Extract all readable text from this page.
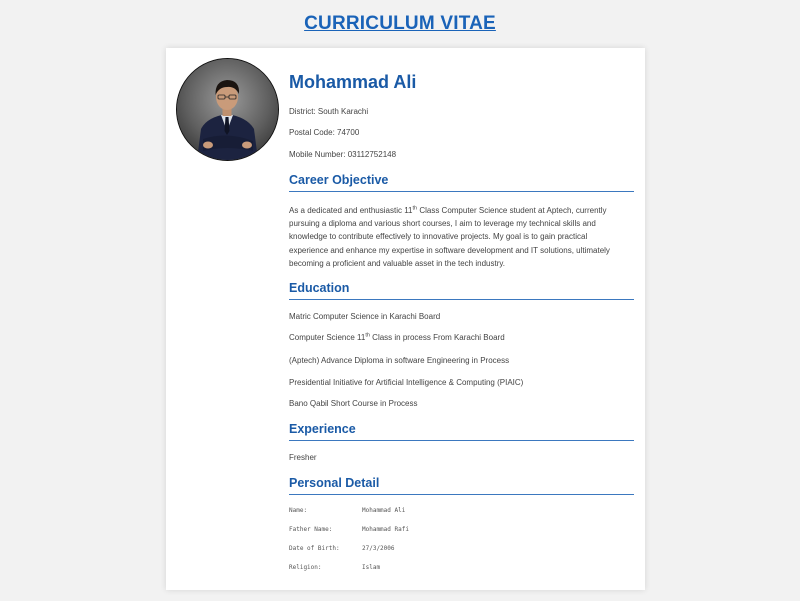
CURRICULUM VITAE
Mohammad Ali
District: South Karachi
Postal Code: 74700
Mobile Number: 03112752148
Career Objective

As a dedicated and enthusiastic 11th Class Computer Science student at Aptech, currently pursuing a diploma and various short courses, I aim to leverage my technical skills and knowledge to contribute effectively to innovative projects. My goal is to gain practical experience and enhance my expertise in software development and IT solutions, ultimately becoming a proficient and valuable asset in the tech industry.

Education
Matric Computer Science in Karachi Board
Computer Science 11th Class in process From Karachi Board
(Aptech) Advance Diploma in software Engineering in Process
Presidential Initiative for Artificial Intelligence & Computing (PIAIC)
Bano Qabil Short Course in Process
Experience
Fresher
Personal Detail
Name:	Mohammad Ali
Father Name:	Mohammad Rafi
Date of Birth:	27/3/2006
Religion:	Islam
